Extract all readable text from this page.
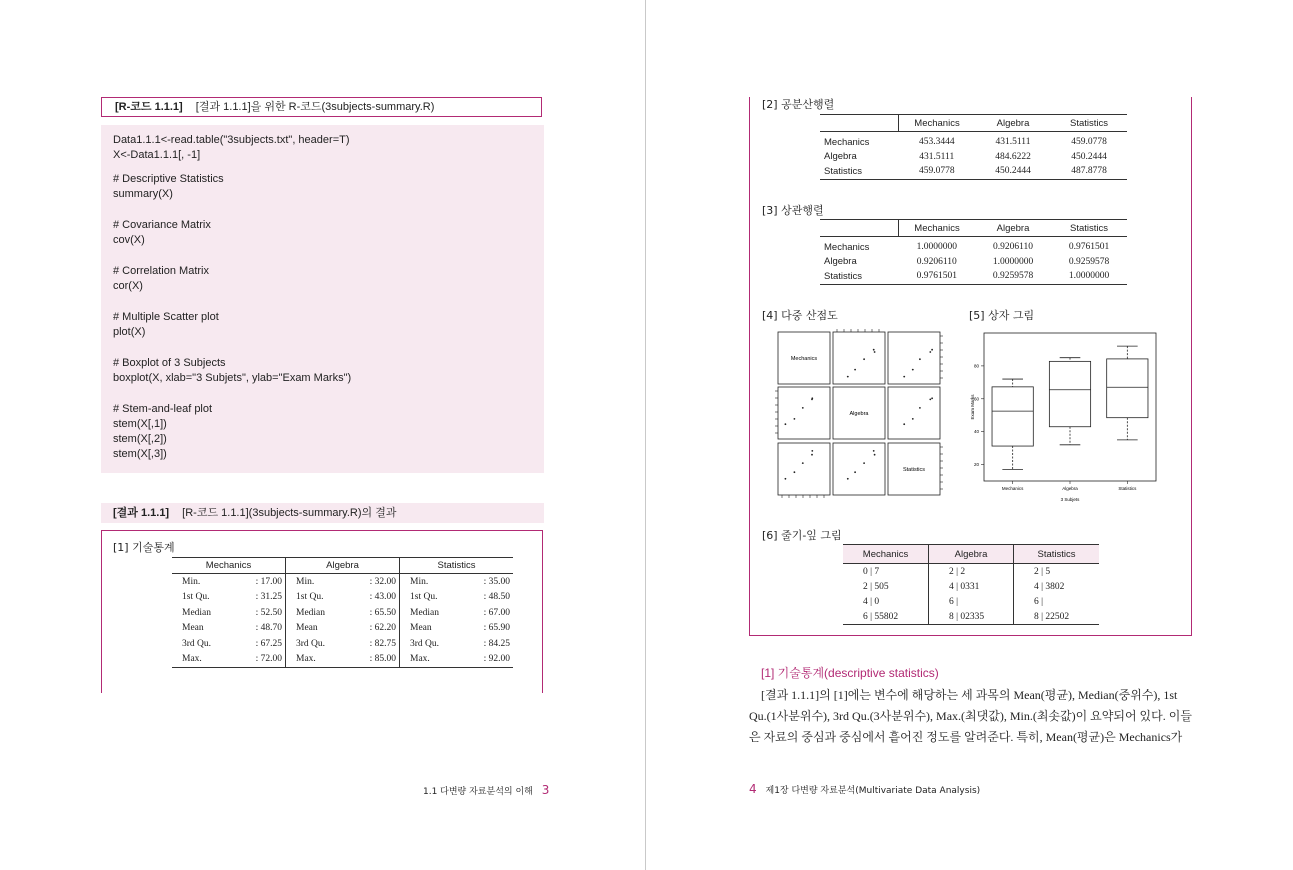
[R-코드 1.1.1] [결과 1.1.1]을 위한 R-코드(3subjects-summary.R)
Data1.1.1<-read.table("3subjects.txt", header=T)
X<-Data1.1.1[, -1]
# Descriptive Statistics
summary(X)
# Covariance Matrix
cov(X)
# Correlation Matrix
cor(X)
# Multiple Scatter plot
plot(X)
# Boxplot of 3 Subjects
boxplot(X, xlab="3 Subjets", ylab="Exam Marks")
# Stem-and-leaf plot
stem(X[,1])
stem(X[,2])
stem(X[,3])
[결과 1.1.1] [R-코드 1.1.1](3subjects-summary.R)의 결과
[1] 기술통계
Mechanics		Algebra		Statistics	
Min.	: 17.00	Min.	: 32.00	Min.	: 35.00
1st Qu.	: 31.25	1st Qu.	: 43.00	1st Qu.	: 48.50
Median	: 52.50	Median	: 65.50	Median	: 67.00
Mean	: 48.70	Mean	: 62.20	Mean	: 65.90
3rd Qu.	: 67.25	3rd Qu.	: 82.75	3rd Qu.	: 84.25
Max.	: 72.00	Max.	: 85.00	Max.	: 92.00
1.1 다변량 자료분석의 이해 3
[2] 공분산행렬
	Mechanics	Algebra	Statistics
Mechanics	453.3444	431.5111	459.0778
Algebra	431.5111	484.6222	450.2444
Statistics	459.0778	450.2444	487.8778
[3] 상관행렬
	Mechanics	Algebra	Statistics
Mechanics	1.0000000	0.9206110	0.9761501
Algebra	0.9206110	1.0000000	0.9259578
Statistics	0.9761501	0.9259578	1.0000000
[4] 다중 산점도	[5] 상자 그림
Mechanics
Algebra
Statistics
20
40
60
80
Exam Marks
3 Subjets
Mechanics	Algebra	Statistics
[6] 줄기-잎 그림
Mechanics	Algebra	Statistics
0 | 7	2 | 2	2 | 5
2 | 505	4 | 0331	4 | 3802
4 | 0	6 |	6 |
6 | 55802	8 | 02335	8 | 22502
[1] 기술통계(descriptive statistics)
[결과 1.1.1]의 [1]에는 변수에 해당하는 세 과목의 Mean(평균), Median(중위수), 1st
Qu.(1사분위수), 3rd Qu.(3사분위수), Max.(최댓값), Min.(최솟값)이 요약되어 있다. 이들
은 자료의 중심과 중심에서 흩어진 정도를 알려준다. 특히, Mean(평균)은 Mechanics가
4 제1장 다변량 자료분석(Multivariate Data Analysis)
